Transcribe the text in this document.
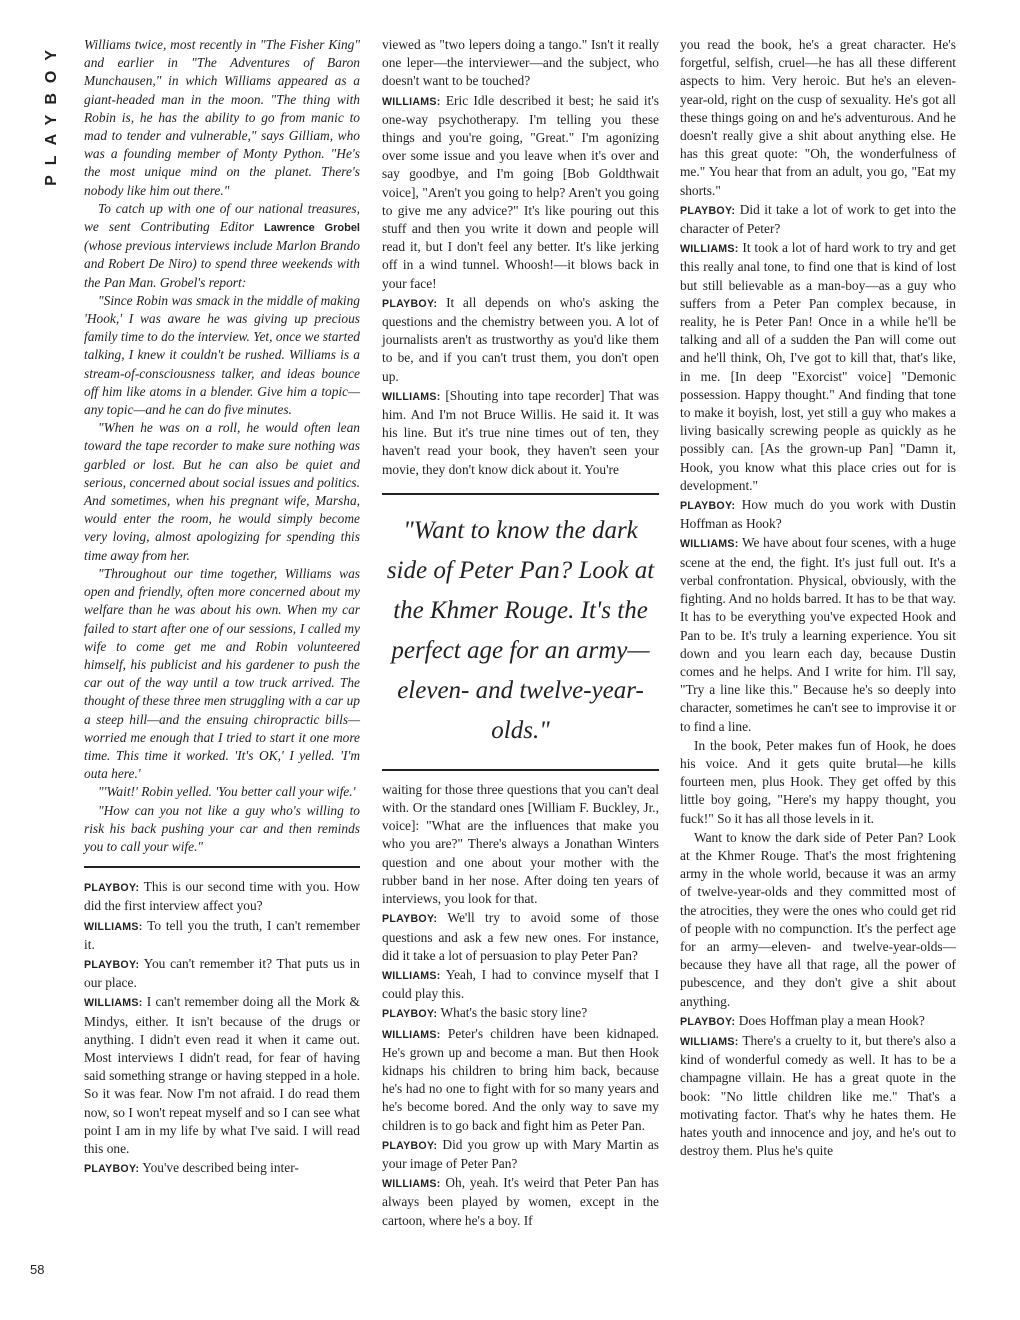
PLAYBOY
58

Williams twice, most recently in "The Fisher King" and earlier in "The Adventures of Baron Munchausen," in which Williams appeared as a giant-headed man in the moon. "The thing with Robin is, he has the ability to go from manic to mad to tender and vulnerable," says Gilliam, who was a founding member of Monty Python. "He's the most unique mind on the planet. There's nobody like him out there."

To catch up with one of our national treasures, we sent Contributing Editor Lawrence Grobel (whose previous interviews include Marlon Brando and Robert De Niro) to spend three weekends with the Pan Man. Grobel's report:

"Since Robin was smack in the middle of making 'Hook,' I was aware he was giving up precious family time to do the interview. Yet, once we started talking, I knew it couldn't be rushed. Williams is a stream-of-consciousness talker, and ideas bounce off him like atoms in a blender. Give him a topic—any topic—and he can do five minutes.

"When he was on a roll, he would often lean toward the tape recorder to make sure nothing was garbled or lost. But he can also be quiet and serious, concerned about social issues and politics. And sometimes, when his pregnant wife, Marsha, would enter the room, he would simply become very loving, almost apologizing for spending this time away from her.

"Throughout our time together, Williams was open and friendly, often more concerned about my welfare than he was about his own. When my car failed to start after one of our sessions, I called my wife to come get me and Robin volunteered himself, his publicist and his gardener to push the car out of the way until a tow truck arrived. The thought of these three men struggling with a car up a steep hill—and the ensuing chiropractic bills—worried me enough that I tried to start it one more time. This time it worked. 'It's OK,' I yelled. 'I'm outa here.'

"'Wait!' Robin yelled. 'You better call your wife.'

"How can you not like a guy who's willing to risk his back pushing your car and then reminds you to call your wife."

PLAYBOY: This is our second time with you. How did the first interview affect you?

WILLIAMS: To tell you the truth, I can't remember it.

PLAYBOY: You can't remember it? That puts us in our place.

WILLIAMS: I can't remember doing all the Mork & Mindys, either. It isn't because of the drugs or anything. I didn't even read it when it came out. Most interviews I didn't read, for fear of having said something strange or having stepped in a hole. So it was fear. Now I'm not afraid. I do read them now, so I won't repeat myself and so I can see what point I am in my life by what I've said. I will read this one.

PLAYBOY: You've described being inter-

viewed as "two lepers doing a tango." Isn't it really one leper—the interviewer—and the subject, who doesn't want to be touched?

WILLIAMS: Eric Idle described it best; he said it's one-way psychotherapy. I'm telling you these things and you're going, "Great." I'm agonizing over some issue and you leave when it's over and say goodbye, and I'm going [Bob Goldthwait voice], "Aren't you going to help? Aren't you going to give me any advice?" It's like pouring out this stuff and then you write it down and people will read it, but I don't feel any better. It's like jerking off in a wind tunnel. Whoosh!—it blows back in your face!

PLAYBOY: It all depends on who's asking the questions and the chemistry between you. A lot of journalists aren't as trustworthy as you'd like them to be, and if you can't trust them, you don't open up.

WILLIAMS: [Shouting into tape recorder] That was him. And I'm not Bruce Willis. He said it. It was his line. But it's true nine times out of ten, they haven't read your book, they haven't seen your movie, they don't know dick about it. You're

"Want to know the dark side of Peter Pan? Look at the Khmer Rouge. It's the perfect age for an army—eleven- and twelve-year-olds."

waiting for those three questions that you can't deal with. Or the standard ones [William F. Buckley, Jr., voice]: "What are the influences that make you who you are?" There's always a Jonathan Winters question and one about your mother with the rubber band in her nose. After doing ten years of interviews, you look for that.

PLAYBOY: We'll try to avoid some of those questions and ask a few new ones. For instance, did it take a lot of persuasion to play Peter Pan?

WILLIAMS: Yeah, I had to convince myself that I could play this.

PLAYBOY: What's the basic story line?

WILLIAMS: Peter's children have been kidnaped. He's grown up and become a man. But then Hook kidnaps his children to bring him back, because he's had no one to fight with for so many years and he's become bored. And the only way to save my children is to go back and fight him as Peter Pan.

PLAYBOY: Did you grow up with Mary Martin as your image of Peter Pan?

WILLIAMS: Oh, yeah. It's weird that Peter Pan has always been played by women, except in the cartoon, where he's a boy. If

you read the book, he's a great character. He's forgetful, selfish, cruel—he has all these different aspects to him. Very heroic. But he's an eleven-year-old, right on the cusp of sexuality. He's got all these things going on and he's adventurous. And he doesn't really give a shit about anything else. He has this great quote: "Oh, the wonderfulness of me." You hear that from an adult, you go, "Eat my shorts."

PLAYBOY: Did it take a lot of work to get into the character of Peter?

WILLIAMS: It took a lot of hard work to try and get this really anal tone, to find one that is kind of lost but still believable as a man-boy—as a guy who suffers from a Peter Pan complex because, in reality, he is Peter Pan! Once in a while he'll be talking and all of a sudden the Pan will come out and he'll think, Oh, I've got to kill that, that's like, in me. [In deep "Exorcist" voice] "Demonic possession. Happy thought." And finding that tone to make it boyish, lost, yet still a guy who makes a living basically screwing people as quickly as he possibly can. [As the grown-up Pan] "Damn it, Hook, you know what this place cries out for is development."

PLAYBOY: How much do you work with Dustin Hoffman as Hook?

WILLIAMS: We have about four scenes, with a huge scene at the end, the fight. It's just full out. It's a verbal confrontation. Physical, obviously, with the fighting. And no holds barred. It has to be that way. It has to be everything you've expected Hook and Pan to be. It's truly a learning experience. You sit down and you learn each day, because Dustin comes and he helps. And I write for him. I'll say, "Try a line like this." Because he's so deeply into character, sometimes he can't see to improvise it or to find a line.

In the book, Peter makes fun of Hook, he does his voice. And it gets quite brutal—he kills fourteen men, plus Hook. They get offed by this little boy going, "Here's my happy thought, you fuck!" So it has all those levels in it.

Want to know the dark side of Peter Pan? Look at the Khmer Rouge. That's the most frightening army in the whole world, because it was an army of twelve-year-olds and they committed most of the atrocities, they were the ones who could get rid of people with no compunction. It's the perfect age for an army—eleven- and twelve-year-olds—because they have all that rage, all the power of pubescence, and they don't give a shit about anything.

PLAYBOY: Does Hoffman play a mean Hook?

WILLIAMS: There's a cruelty to it, but there's also a kind of wonderful comedy as well. It has to be a champagne villain. He has a great quote in the book: "No little children like me." That's a motivating factor. That's why he hates them. He hates youth and innocence and joy, and he's out to destroy them. Plus he's quite
